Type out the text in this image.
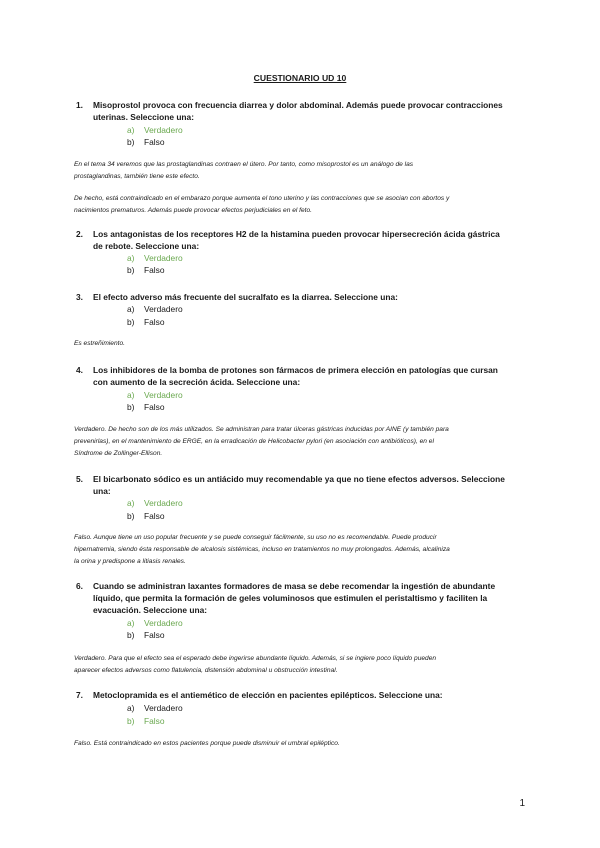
CUESTIONARIO UD 10
1. Misoprostol provoca con frecuencia diarrea y dolor abdominal. Además puede provocar contracciones
uterinas. Seleccione una:
a) Verdadero
b) Falso
En el tema 34 veremos que las prostaglandinas contraen el útero. Por tanto, como misoprostol es un análogo de las
prostaglandinas, también tiene este efecto.
De hecho, está contraindicado en el embarazo porque aumenta el tono uterino y las contracciones que se asocian con abortos y
nacimientos prematuros. Además puede provocar efectos perjudiciales en el feto.
2. Los antagonistas de los receptores H2 de la histamina pueden provocar hipersecreción ácida gástrica
de rebote. Seleccione una:
a) Verdadero
b) Falso
3. El efecto adverso más frecuente del sucralfato es la diarrea. Seleccione una:
a) Verdadero
b) Falso
Es estreñimiento.
4. Los inhibidores de la bomba de protones son fármacos de primera elección en patologías que cursan
con aumento de la secreción ácida. Seleccione una:
a) Verdadero
b) Falso
Verdadero. De hecho son de los más utilizados. Se administran para tratar úlceras gástricas inducidas por AINE (y también para
prevenirlas), en el mantenimiento de ERGE, en la erradicación de Helicobacter pylori (en asociación con antibióticos), en el
Síndrome de Zollinger-Ellison.
5. El bicarbonato sódico es un antiácido muy recomendable ya que no tiene efectos adversos. Seleccione
una:
a) Verdadero
b) Falso
Falso. Aunque tiene un uso popular frecuente y se puede conseguir fácilmente, su uso no es recomendable. Puede producir
hipernatremia, siendo ésta responsable de alcalosis sistémicas, incluso en tratamientos no muy prolongados. Además, alcaliniza
la orina y predispone a litiasis renales.
6. Cuando se administran laxantes formadores de masa se debe recomendar la ingestión de abundante
líquido, que permita la formación de geles voluminosos que estimulen el peristaltismo y faciliten la
evacuación. Seleccione una:
a) Verdadero
b) Falso
Verdadero. Para que el efecto sea el esperado debe ingerirse abundante líquido. Además, si se ingiere poco líquido pueden
aparecer efectos adversos como flatulencia, distensión abdominal u obstrucción intestinal.
7. Metoclopramida es el antiemético de elección en pacientes epilépticos. Seleccione una:
a) Verdadero
b) Falso
Falso. Está contraindicado en estos pacientes porque puede disminuir el umbral epiléptico.
1
